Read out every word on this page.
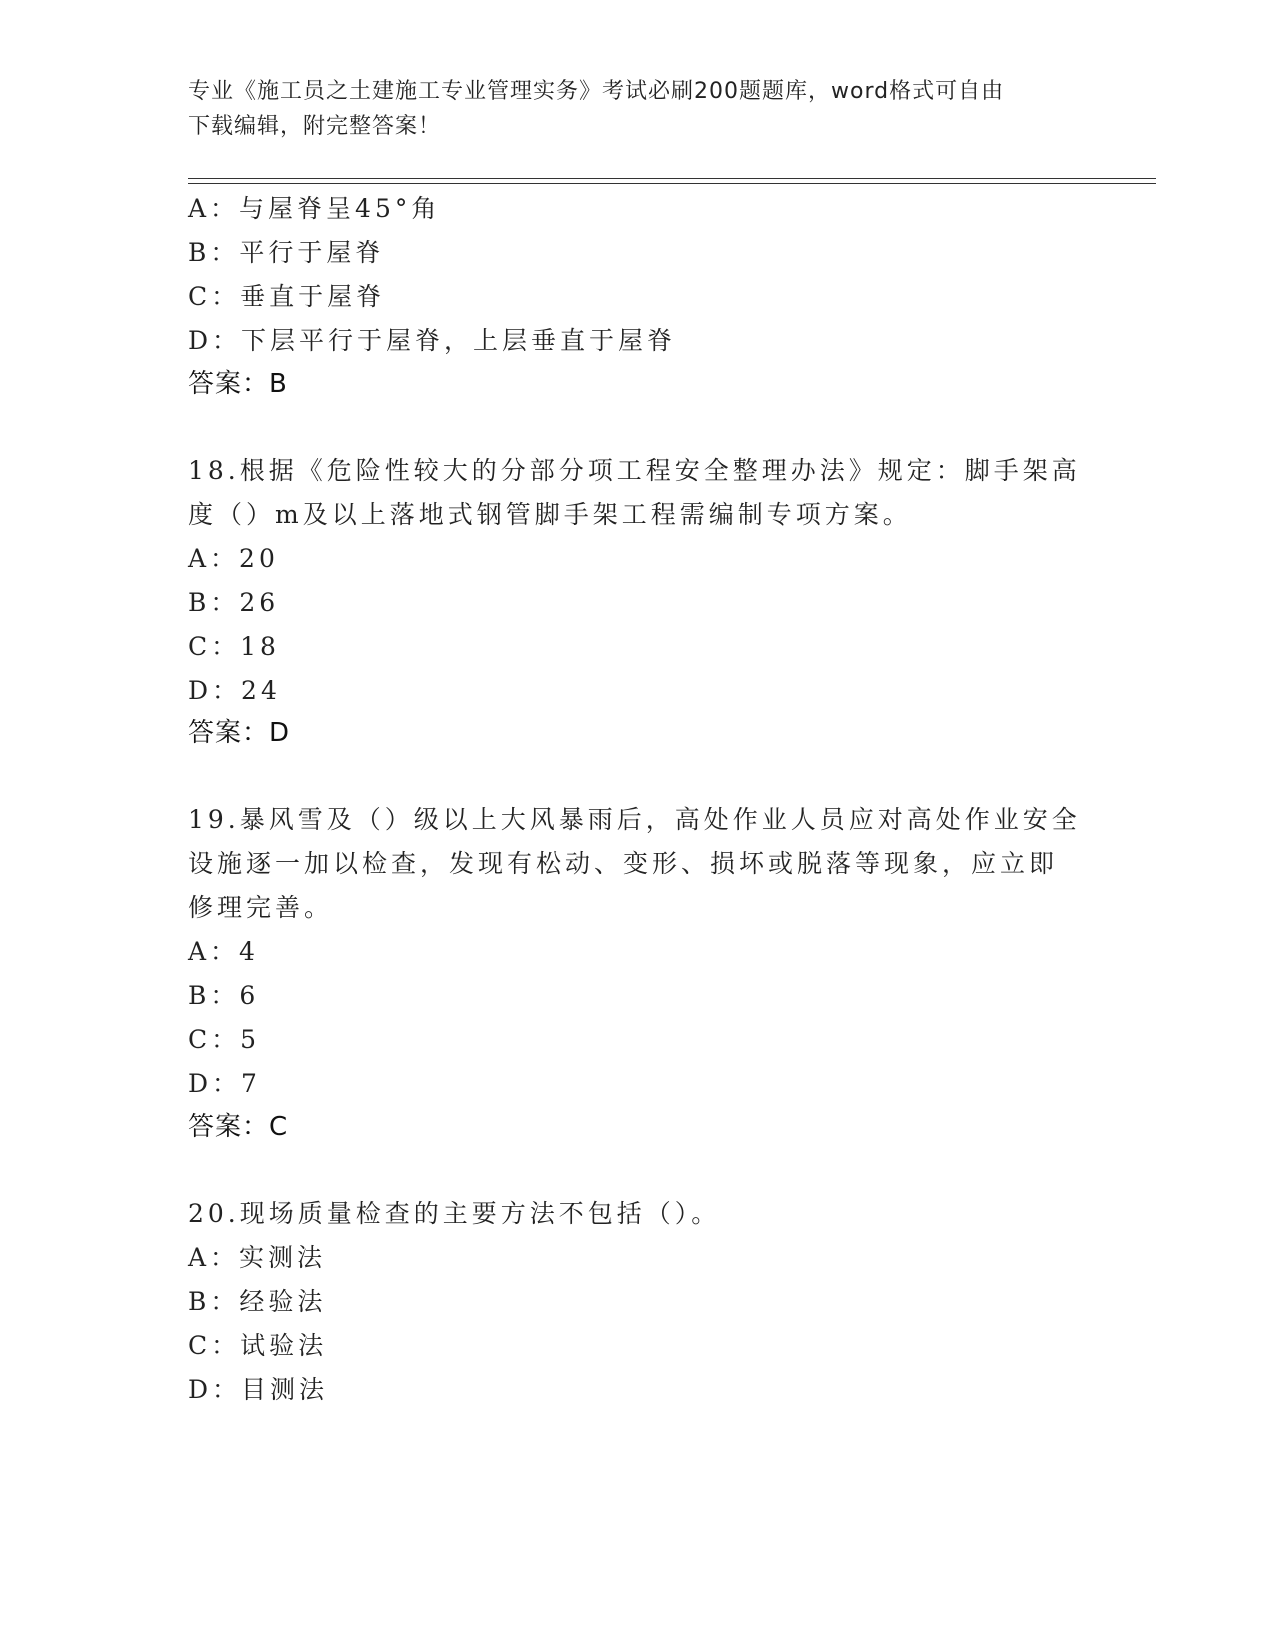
专业《施工员之土建施工专业管理实务》考试必刷200题题库，word格式可自由
下载编辑，附完整答案！
A：与屋脊呈45°角
B：平行于屋脊
C：垂直于屋脊
D：下层平行于屋脊，上层垂直于屋脊
答案：B
18.根据《危险性较大的分部分项工程安全整理办法》规定：脚手架高
度（）m及以上落地式钢管脚手架工程需编制专项方案。
A：20
B：26
C：18
D：24
答案：D
19.暴风雪及（）级以上大风暴雨后，高处作业人员应对高处作业安全
设施逐一加以检查，发现有松动、变形、损坏或脱落等现象，应立即
修理完善。
A：4
B：6
C：5
D：7
答案：C
20.现场质量检查的主要方法不包括（）。
A：实测法
B：经验法
C：试验法
D：目测法
